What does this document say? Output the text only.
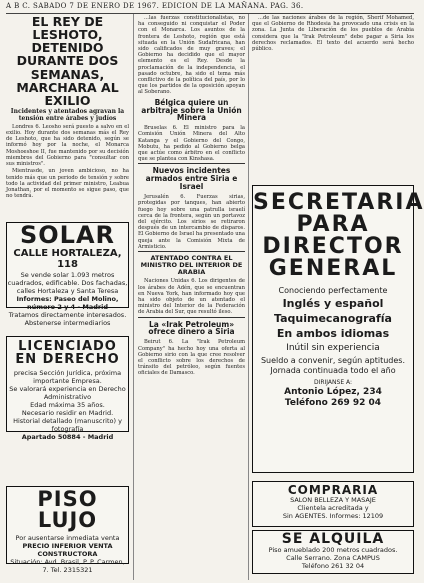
A B C. SABADO 7 DE ENERO DE 1967. EDICION DE LA MAÑANA. PAG. 36.

EL REY DE LESHOTO, DETENIDO DURANTE DOS SEMANAS, MARCHARA AL EXILIO

Incidentes y atentados agravan la tensión entre árabes y judíos

Londres 6. Leosho será puesto a salvo en el exilio. Hoy durante dos semanas más el Rey de Leshoto, que ha sido detenido, según se informó hoy por la noche, el Monarca Moshoeshoe II, fue mantenido por su decisión miembros del Gobierno para "consultar con sus ministros".

Mientrasde, un joven ambicioso, no ha tenido más que un periodo de tensión y sobre todo la actividad del primer ministro, Leabua Jonathan, por el momento se sigue paso, que no tendrá.

SOLAR

CALLE HORTALEZA, 118

Se vende solar 1.093 metros cuadrados, edificable. Dos fachadas, calles Hortaleza y Santa Teresa

Informes: Paseo del Molino, número 2 y 4 - Madrid

Tratamos directamente interesados. Abstenerse intermediarios

LICENCIADO EN DERECHO

precisa Sección Jurídica, próxima importante Empresa.

Se valorará experiencia en Derecho Administrativo

Edad máxima 35 años.

Necesario residir en Madrid.

Historial detallado (manuscrito) y fotografía

Apartado 50884 - Madrid

PISO LUJO

Por ausentarse inmediata venta

PRECIO INFERIOR VENTA CONSTRUCTORA

Situación: Avd. Brasil, P. P. Carmen, 7. Tel. 2315321

...las fuerzas constitucionalistas, no ha conseguido ni conquistar el Poder con el Monarca. Los asuntos de la frontera de Leshoto, región que está situada en la Unión Sudafricana, han sido calificados de muy graves; el Gobierno ha decidido que el mayor elemento es el Rey. Desde la proclamación de la independencia, el pasado octubre, ha sido el tema más conflictivo de la política del país, por lo que los partidos de la oposición apoyan al Soberano.

Bélgica quiere un arbitraje sobre la Unión Minera

Bruselas 6. El ministro para la Comisión Unión Minera del Alto Katanga y el Gobierno del Congo, Mobutu, ha pedido al Gobierno belga que actúe como árbitro en el conflicto que se plantea con Kinshasa.

Nuevos incidentes armados entre Siria e Israel

Jerusalén 6. Fuerzas sirias, protegidas por tanques, han abierto fuego hoy sobre una patrulla israelí cerca de la frontera, según un portavoz del ejército. Los sirios se retiraron después de un intercambio de disparos. El Gobierno de Israel ha presentado una queja ante la Comisión Mixta de Armisticio.

ATENTADO CONTRA EL MINISTRO DEL INTERIOR DE ARABIA

Naciones Unidas 6. Los dirigentes de los árabes de Adén, que se encuentran en Nueva York, han informado hoy que ha sido objeto de un atentado el ministro del Interior de la Federación de Arabia del Sur, que resultó ileso.

La «Irak Petroleum» ofrece dinero a Siria

Beirut 6. La "Irak Petroleum Company" ha hecho hoy una oferta al Gobierno sirio con la que cree resolver el conflicto sobre los derechos de tránsito del petróleo, según fuentes oficiales de Damasco.

...de las naciones árabes de la región, Sherif Mohamed, que el Gobierno de Rhodesia ha provocado una crisis en la zona. La Junta de Liberación de los pueblos de Arabia considera que la "Irak Petroleum" debe pagar a Siria los derechos reclamados. El texto del acuerdo será hecho público.

SECRETARIA

PARA

DIRECTOR

GENERAL

Conociendo perfectamente

Inglés y español

Taquimecanografía

En ambos idiomas

Inútil sin experiencia

Sueldo a convenir, según aptitudes. Jornada continuada todo el año

DIRIJANSE A:

Antonio López, 234

Teléfono 269 92 04

COMPRARIA

SALON BELLEZA Y MASAJE

Clientela acreditada y

Sin AGENTES. Informes: 12109

SE ALQUILA

Piso amueblado 200 metros cuadrados.

Calle Serrano. Zona CAMPUS

Teléfono 261 32 04
